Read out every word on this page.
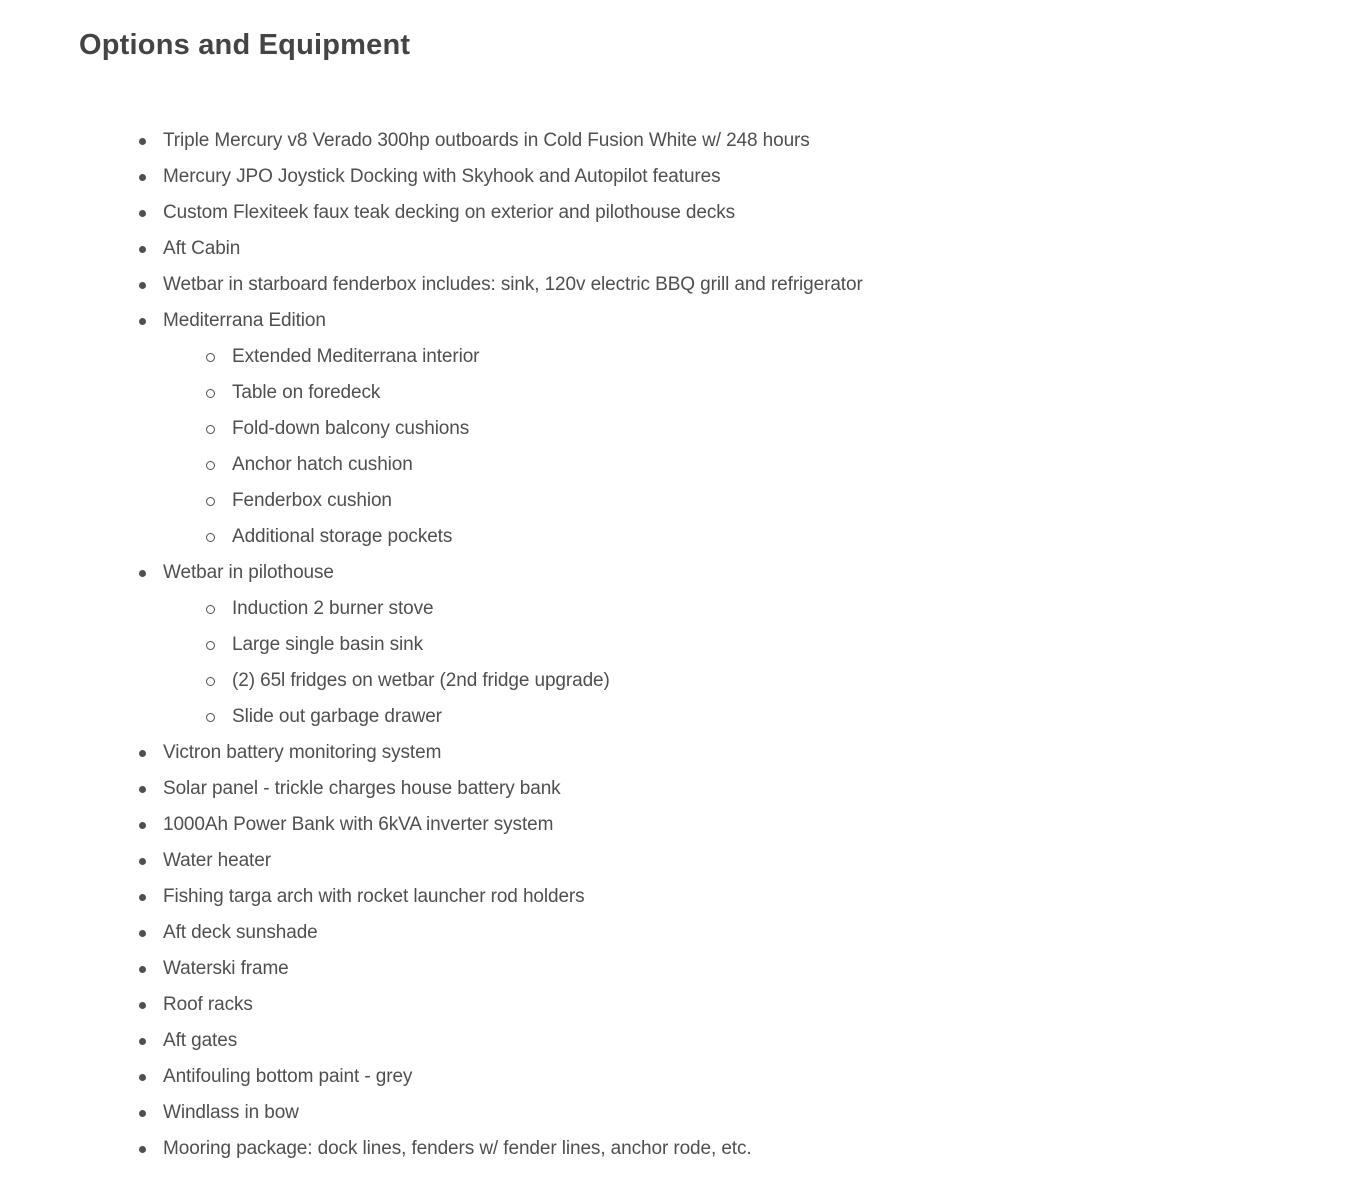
Options and Equipment
Triple Mercury v8 Verado 300hp outboards in Cold Fusion White w/ 248 hours
Mercury JPO Joystick Docking with Skyhook and Autopilot features
Custom Flexiteek faux teak decking on exterior and pilothouse decks
Aft Cabin
Wetbar in starboard fenderbox includes: sink, 120v electric BBQ grill and refrigerator
Mediterrana Edition
Extended Mediterrana interior
Table on foredeck
Fold-down balcony cushions
Anchor hatch cushion
Fenderbox cushion
Additional storage pockets
Wetbar in pilothouse
Induction 2 burner stove
Large single basin sink
(2) 65l fridges on wetbar (2nd fridge upgrade)
Slide out garbage drawer
Victron battery monitoring system
Solar panel - trickle charges house battery bank
1000Ah Power Bank with 6kVA inverter system
Water heater
Fishing targa arch with rocket launcher rod holders
Aft deck sunshade
Waterski frame
Roof racks
Aft gates
Antifouling bottom paint - grey
Windlass in bow
Mooring package: dock lines, fenders w/ fender lines, anchor rode, etc.
